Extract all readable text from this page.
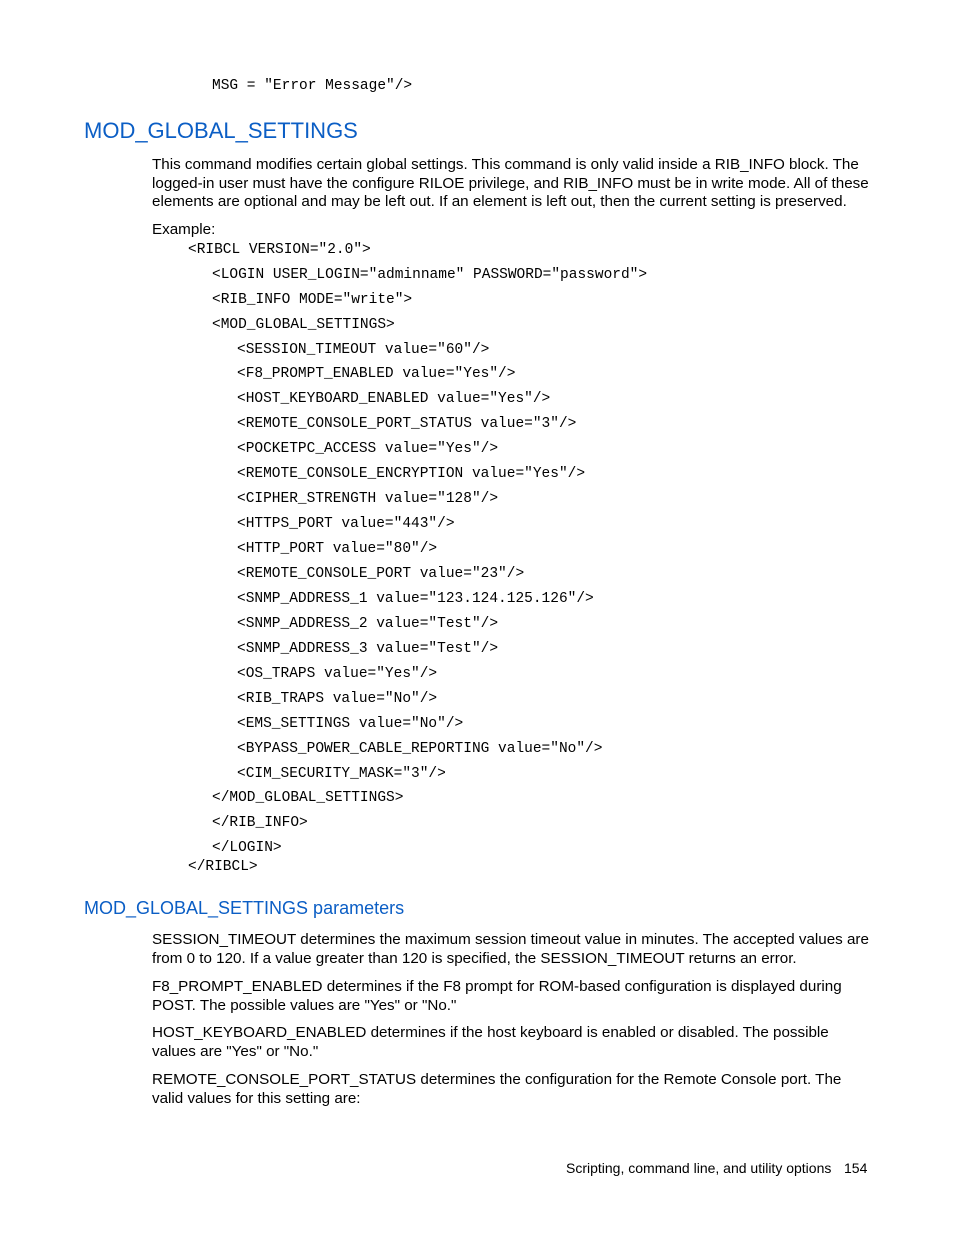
MSG = "Error Message"/>
MOD_GLOBAL_SETTINGS
This command modifies certain global settings. This command is only valid inside a RIB_INFO block. The logged-in user must have the configure RILOE privilege, and RIB_INFO must be in write mode. All of these elements are optional and may be left out. If an element is left out, then the current setting is preserved.
Example:
<RIBCL VERSION="2.0">
<LOGIN USER_LOGIN="adminname" PASSWORD="password">
<RIB_INFO MODE="write">
<MOD_GLOBAL_SETTINGS>
<SESSION_TIMEOUT value="60"/>
<F8_PROMPT_ENABLED value="Yes"/>
<HOST_KEYBOARD_ENABLED value="Yes"/>
<REMOTE_CONSOLE_PORT_STATUS value="3"/>
<POCKETPC_ACCESS value="Yes"/>
<REMOTE_CONSOLE_ENCRYPTION value="Yes"/>
<CIPHER_STRENGTH value="128"/>
<HTTPS_PORT value="443"/>
<HTTP_PORT value="80"/>
<REMOTE_CONSOLE_PORT value="23"/>
<SNMP_ADDRESS_1 value="123.124.125.126"/>
<SNMP_ADDRESS_2 value="Test"/>
<SNMP_ADDRESS_3 value="Test"/>
<OS_TRAPS value="Yes"/>
<RIB_TRAPS value="No"/>
<EMS_SETTINGS value="No"/>
<BYPASS_POWER_CABLE_REPORTING value="No"/>
<CIM_SECURITY_MASK="3"/>
</MOD_GLOBAL_SETTINGS>
</RIB_INFO>
</LOGIN>
</RIBCL>
MOD_GLOBAL_SETTINGS parameters
SESSION_TIMEOUT determines the maximum session timeout value in minutes. The accepted values are from 0 to 120. If a value greater than 120 is specified, the SESSION_TIMEOUT returns an error.
F8_PROMPT_ENABLED determines if the F8 prompt for ROM-based configuration is displayed during POST. The possible values are "Yes" or "No."
HOST_KEYBOARD_ENABLED determines if the host keyboard is enabled or disabled. The possible values are "Yes" or "No."
REMOTE_CONSOLE_PORT_STATUS determines the configuration for the Remote Console port. The valid values for this setting are:
Scripting, command line, and utility options 154
